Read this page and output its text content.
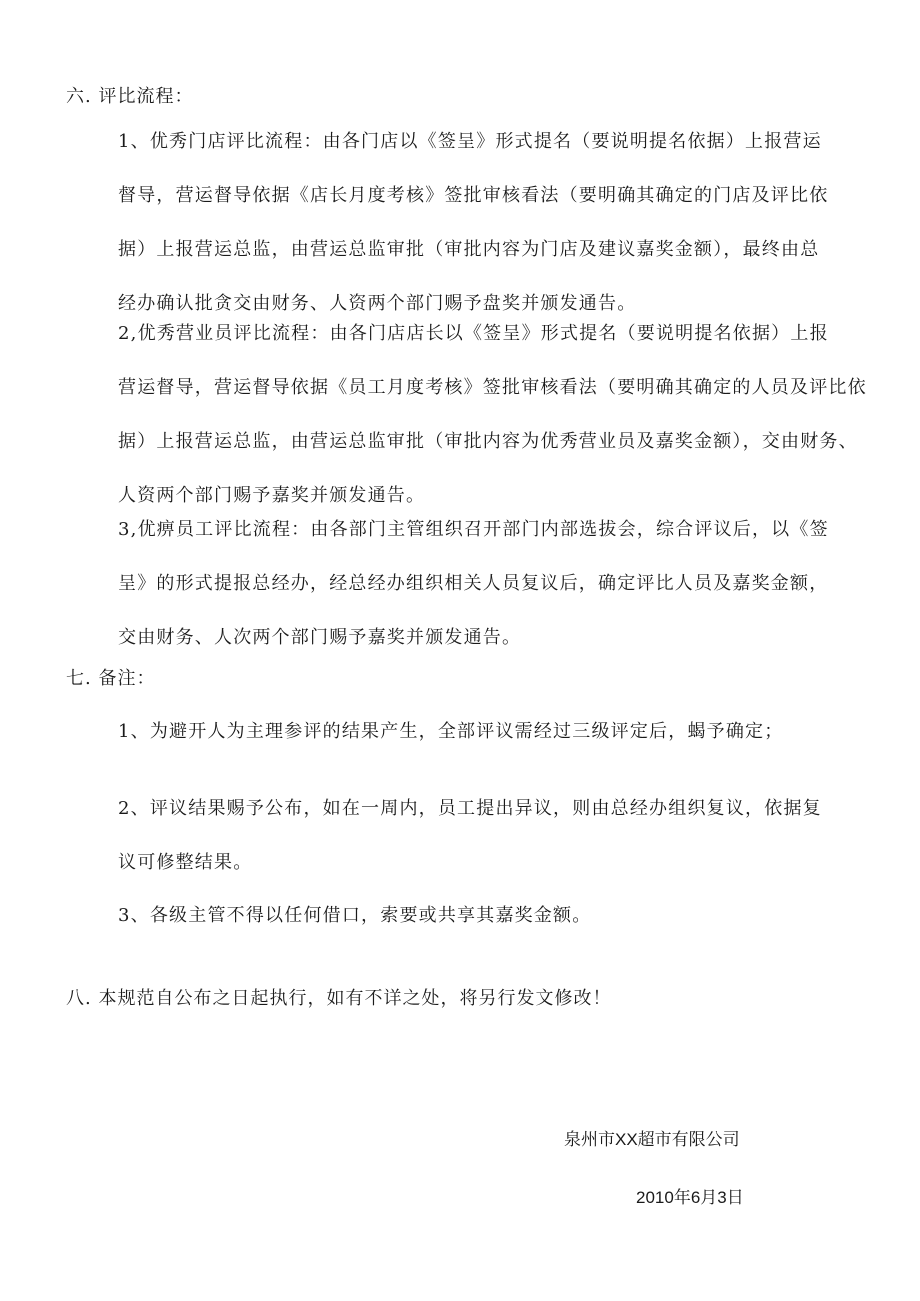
六. 评比流程：
1、优秀门店评比流程：由各门店以《签呈》形式提名（要说明提名依据）上报营运
督导，营运督导依据《店长月度考核》签批审核看法（要明确其确定的门店及评比依
据）上报营运总监，由营运总监审批（审批内容为门店及建议嘉奖金额），最终由总
经办确认批贪交由财务、人资两个部门赐予盘奖并颁发通告。
2,优秀营业员评比流程：由各门店店长以《签呈》形式提名（要说明提名依据）上报
营运督导，营运督导依据《员工月度考核》签批审核看法（要明确其确定的人员及评比依
据）上报营运总监，由营运总监审批（审批内容为优秀营业员及嘉奖金额），交由财务、
人资两个部门赐予嘉奖并颁发通告。
3,优痹员工评比流程：由各部门主管组织召开部门内部选拔会，综合评议后，以《签
呈》的形式提报总经办，经总经办组织相关人员复议后，确定评比人员及嘉奖金额，
交由财务、人次两个部门赐予嘉奖并颁发通告。
七. 备注：
1、为避开人为主理参评的结果产生，全部评议需经过三级评定后，蝎予确定；
2、评议结果赐予公布，如在一周内，员工提出异议，则由总经办组织复议，依据复
议可修整结果。
3、各级主管不得以任何借口，索要或共享其嘉奖金额。
八. 本规范自公布之日起执行，如有不详之处，将另行发文修改！
泉州市XX超市有限公司
2010年6月3日
